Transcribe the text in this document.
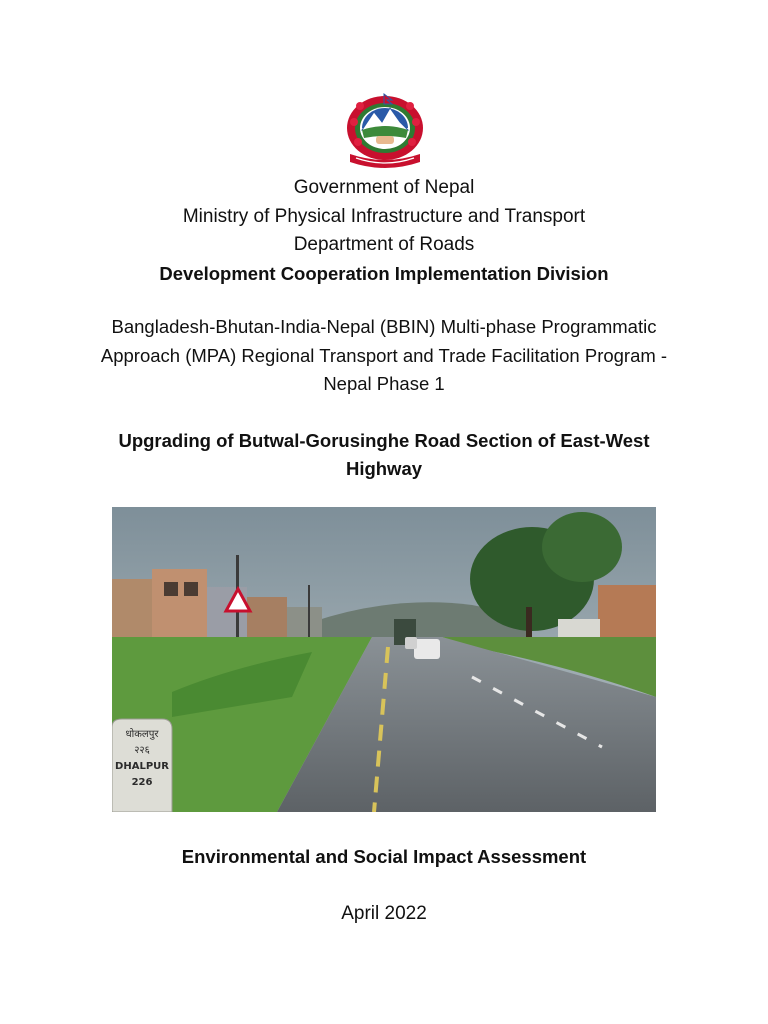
Government of Nepal
Ministry of Physical Infrastructure and Transport
Department of Roads
Development Cooperation Implementation Division
Bangladesh-Bhutan-India-Nepal (BBIN) Multi-phase Programmatic
Approach (MPA) Regional Transport and Trade Facilitation Program -
Nepal Phase 1
Upgrading of Butwal-Gorusinghe Road Section of East-West
Highway
धोकलपुर
२२६
DHALPUR
226
Environmental and Social Impact Assessment
April 2022
